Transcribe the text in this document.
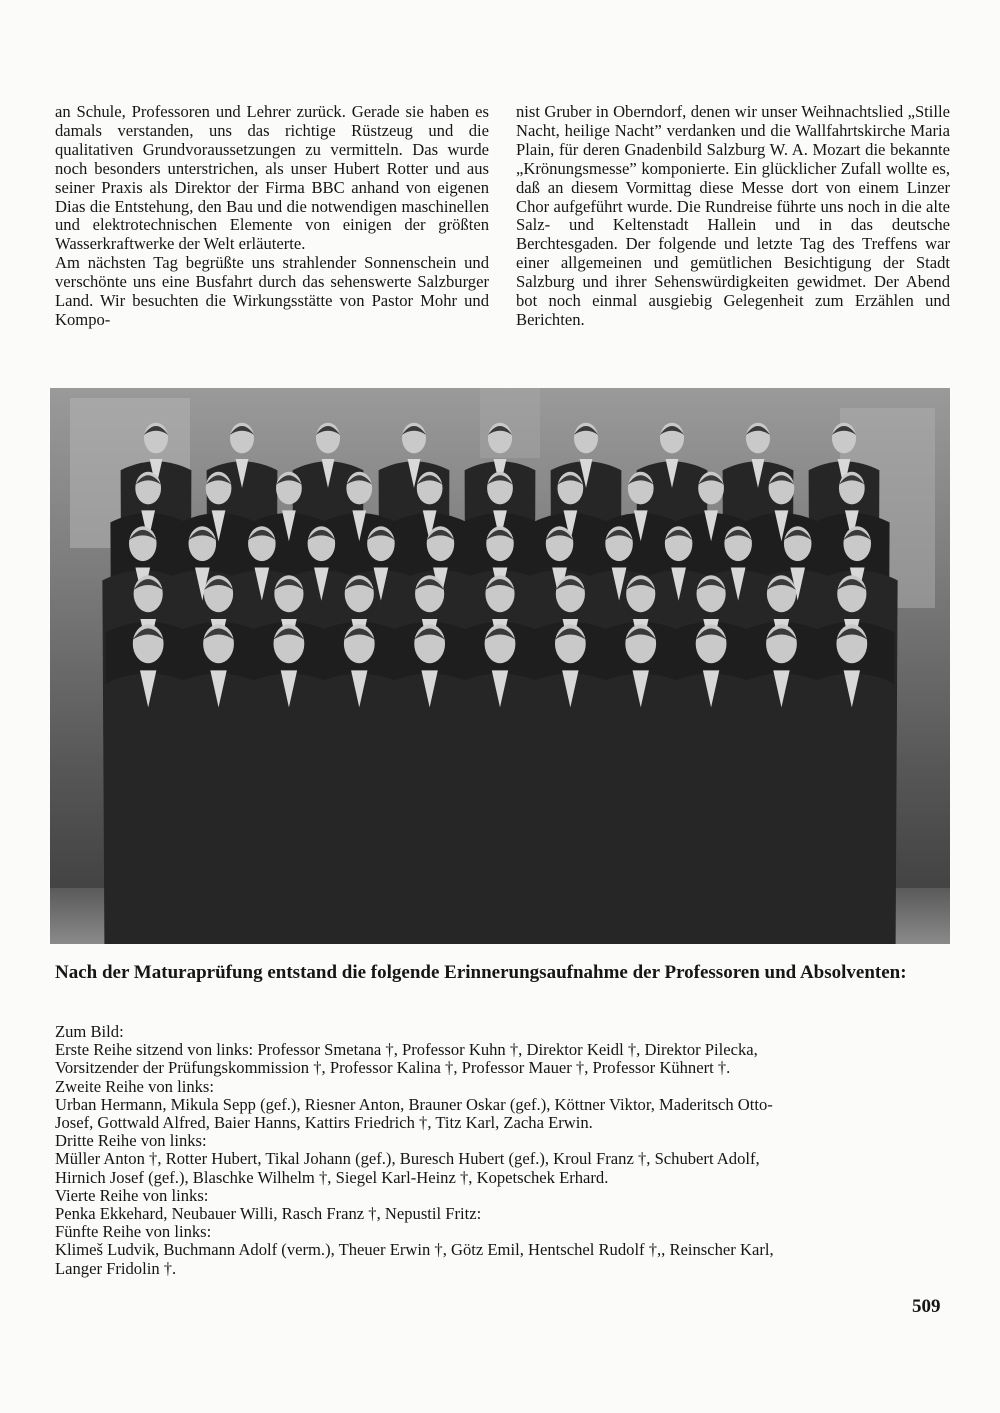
an Schule, Professoren und Lehrer zurück. Gerade sie haben es damals verstanden, uns das richtige Rüstzeug und die qualitativen Grundvoraussetzungen zu vermitteln. Das wurde noch besonders unterstrichen, als unser Hubert Rotter und aus seiner Praxis als Direktor der Firma BBC anhand von eigenen Dias die Entstehung, den Bau und die notwendigen maschinellen und elektrotechnischen Elemente von einigen der größten Wasserkraftwerke der Welt erläuterte.

Am nächsten Tag begrüßte uns strahlender Sonnenschein und verschönte uns eine Busfahrt durch das sehenswerte Salzburger Land. Wir besuchten die Wirkungsstätte von Pastor Mohr und Kompo-

nist Gruber in Oberndorf, denen wir unser Weihnachtslied „Stille Nacht, heilige Nacht” verdanken und die Wallfahrtskirche Maria Plain, für deren Gnadenbild Salzburg W. A. Mozart die bekannte „Krönungsmesse” komponierte. Ein glücklicher Zufall wollte es, daß an diesem Vormittag diese Messe dort von einem Linzer Chor aufgeführt wurde. Die Rundreise führte uns noch in die alte Salz- und Keltenstadt Hallein und in das deutsche Berchtesgaden. Der folgende und letzte Tag des Treffens war einer allgemeinen und gemütlichen Besichtigung der Stadt Salzburg und ihrer Sehenswürdigkeiten gewidmet. Der Abend bot noch einmal ausgiebig Gelegenheit zum Erzählen und Berichten.

Nach der Maturaprüfung entstand die folgende Erinnerungsaufnahme der Professoren und Absolventen:
Zum Bild:
Erste Reihe sitzend von links: Professor Smetana †, Professor Kuhn †, Direktor Keidl †, Direktor Pilecka,
Vorsitzender der Prüfungskommission †, Professor Kalina †, Professor Mauer †, Professor Kühnert †.
Zweite Reihe von links:
Urban Hermann, Mikula Sepp (gef.), Riesner Anton, Brauner Oskar (gef.), Köttner Viktor, Maderitsch Otto-
Josef, Gottwald Alfred, Baier Hanns, Kattirs Friedrich †, Titz Karl, Zacha Erwin.
Dritte Reihe von links:
Müller Anton †, Rotter Hubert, Tikal Johann (gef.), Buresch Hubert (gef.), Kroul Franz †, Schubert Adolf,
Hirnich Josef (gef.), Blaschke Wilhelm †, Siegel Karl-Heinz †, Kopetschek Erhard.
Vierte Reihe von links:
Penka Ekkehard, Neubauer Willi, Rasch Franz †, Nepustil Fritz:
Fünfte Reihe von links:
Klimeš Ludvik, Buchmann Adolf (verm.), Theuer Erwin †, Götz Emil, Hentschel Rudolf †,, Reinscher Karl,
Langer Fridolin †.
509
